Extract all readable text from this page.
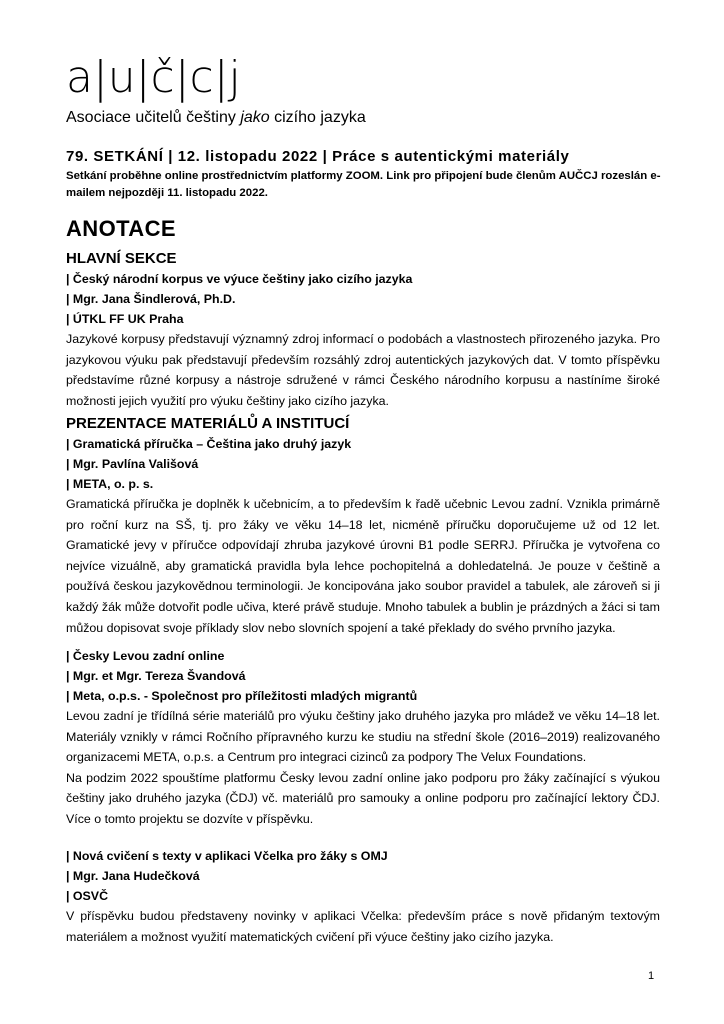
a|u|č|c|j
Asociace učitelů češtiny jako cizího jazyka
79. SETKÁNÍ | 12. listopadu 2022 | Práce s autentickými materiály
Setkání proběhne online prostřednictvím platformy ZOOM. Link pro připojení bude členům AUČCJ rozeslán e-mailem nejpozději 11. listopadu 2022.
ANOTACE
HLAVNÍ SEKCE
| Český národní korpus ve výuce češtiny jako cizího jazyka
| Mgr. Jana Šindlerová, Ph.D.
| ÚTKL FF UK Praha
Jazykové korpusy představují významný zdroj informací o podobách a vlastnostech přirozeného jazyka. Pro jazykovou výuku pak představují především rozsáhlý zdroj autentických jazykových dat. V tomto příspěvku představíme různé korpusy a nástroje sdružené v rámci Českého národního korpusu a nastíníme široké možnosti jejich využití pro výuku češtiny jako cizího jazyka.
PREZENTACE MATERIÁLŮ A INSTITUCÍ
| Gramatická příručka – Čeština jako druhý jazyk
| Mgr. Pavlína Vališová
| META, o. p. s.
Gramatická příručka je doplněk k učebnicím, a to především k řadě učebnic Levou zadní. Vznikla primárně pro roční kurz na SŠ, tj. pro žáky ve věku 14–18 let, nicméně příručku doporučujeme už od 12 let. Gramatické jevy v příručce odpovídají zhruba jazykové úrovni B1 podle SERRJ. Příručka je vytvořena co nejvíce vizuálně, aby gramatická pravidla byla lehce pochopitelná a dohledatelná. Je pouze v češtině a používá českou jazykovědnou terminologii. Je koncipována jako soubor pravidel a tabulek, ale zároveň si ji každý žák může dotvořit podle učiva, které právě studuje. Mnoho tabulek a bublin je prázdných a žáci si tam můžou dopisovat svoje příklady slov nebo slovních spojení a také překlady do svého prvního jazyka.
| Česky Levou zadní online
| Mgr. et Mgr. Tereza Švandová
| Meta, o.p.s. - Společnost pro příležitosti mladých migrantů
Levou zadní je třídílná série materiálů pro výuku češtiny jako druhého jazyka pro mládež ve věku 14–18 let. Materiály vznikly v rámci Ročního přípravného kurzu ke studiu na střední škole (2016–2019) realizovaného organizacemi META, o.p.s. a Centrum pro integraci cizinců za podpory The Velux Foundations.
Na podzim 2022 spouštíme platformu Česky levou zadní online jako podporu pro žáky začínající s výukou češtiny jako druhého jazyka (ČDJ) vč. materiálů pro samouky a online podporu pro začínající lektory ČDJ. Více o tomto projektu se dozvíte v příspěvku.
| Nová cvičení s texty v aplikaci Včelka pro žáky s OMJ
| Mgr. Jana Hudečková
| OSVČ
V příspěvku budou představeny novinky v aplikaci Včelka: především práce s nově přidaným textovým materiálem a možnost využití matematických cvičení při výuce češtiny jako cizího jazyka.
1
